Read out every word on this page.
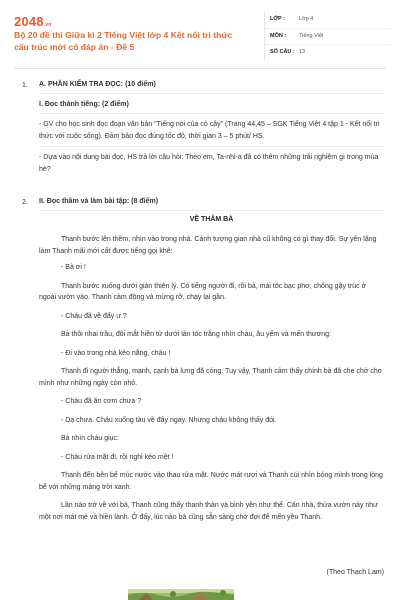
2048.vn
Bộ 20 đề thi Giữa kì 2 Tiếng Việt lớp 4 Kết nối tri thức cấu trúc mới có đáp án - Đề 5
LỚP :	Lớp 4
MÔN : Tiếng Việt
SỐ CÂU : 13
1. A. PHẦN KIỂM TRA ĐỌC: (10 điểm)
I. Đọc thành tiếng: (2 điểm)
- GV cho học sinh đọc đoạn văn bản "Tiếng nói của cỏ cây" (Trang 44,45 – SGK Tiếng Việt 4 tập 1 - Kết nối tri thức với cuộc sống). Đảm bảo đọc đúng tốc độ, thời gian 3 – 5 phút/ HS.
- Dựa vào nội dung bài đọc, HS trả lời câu hỏi: Theo em, Ta-nhi-a đã có thêm những trải nghiệm gì trong mùa hè?
2. II. Đọc thầm và làm bài tập: (8 điểm)
VỀ THĂM BÀ

Thanh bước lên thềm, nhìn vào trong nhà. Cảnh tượng gian nhà cũ không có gì thay đổi. Sự yên lặng làm Thanh mãi mới cất được tiếng gọi khẽ:

- Bà ơi !

Thanh bước xuống dưới giàn thiên lý. Có tiếng người đi, rồi bà, mái tóc bạc phơ, chống gậy trúc ở ngoài vườn vào. Thanh cảm động và mừng rỡ, chạy lại gần.

- Cháu đã về đấy ư ?

Bà thôi nhai trầu, đôi mắt hiền từ dưới làn tóc trắng nhìn cháu, âu yếm và mến thương:

- Đi vào trong nhà kẻo nắng, cháu !

Thanh đi người thẳng, mạnh, cạnh bà lưng đã còng. Tuy vậy, Thanh cảm thấy chính bà đã che chở cho mình như những ngày còn nhỏ.

- Cháu đã ăn cơm chưa ?

- Dạ chưa. Cháu xuống tàu về đây ngay. Nhưng cháu không thấy đói.

Bà nhìn cháu giục:

- Cháu rửa mặt đi, rồi nghỉ kẻo mệt !

Thanh đến bên bể múc nước vào thau rửa mặt. Nước mát rượi và Thanh cúi nhìn bóng mình trong lòng bể với những mảng trời xanh.

Lần nào trở về với bà, Thanh cũng thấy thanh thản và bình yên như thế. Căn nhà, thửa vườn này như một nơi mát mẻ và hiền lành. Ở đấy, lúc nào bà cũng sẵn sàng chờ đợi để mến yêu Thanh.

(Theo Thạch Lam)
